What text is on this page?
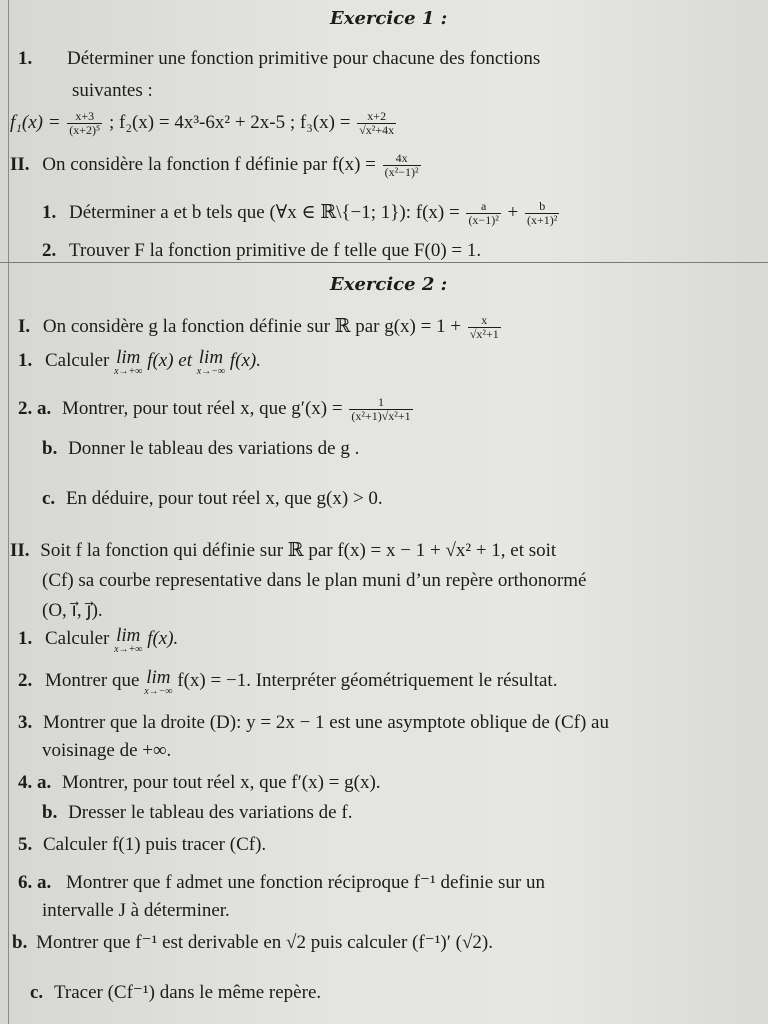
Exercice 1 :
1. Déterminer une fonction primitive pour chacune des fonctions
suivantes :
$f_1(x) = \frac{x+3}{\text{(x+2)⁵}}$ ; f₂(x) = 4x³-6x² + 2x-5 ; $f_3(x) = \frac{x+2}{\text{√x²+4x}}$
II. On considère la fonction f définie par $f(x) = \frac{4x}{\text{(x²−1)²}}$
1. Déterminer a et b tels que (∀x ∈ ℝ\{−1; 1}): $f(x) = \frac{a}{\text{(x−1)²}} + \frac{b}{\text{(x+1)²}}$
2. Trouver F la fonction primitive de f telle que F(0) = 1.
Exercice 2 :
I. On considère g la fonction définie sur ℝ par $g(x) = 1 + \frac{x}{\text{√x²+1}}$
1. Calculer lim
x→+∞
f(x) et lim
x→−∞
f(x).
2. a. Montrer, pour tout réel x, que $g'(x) = \frac{1}{\text{(x²+1)√x²+1}}$
b. Donner le tableau des variations de g .
c. En déduire, pour tout réel x, que g(x) > 0.
II. Soit f la fonction qui définie sur ℝ par f(x) = x − 1 + √x² + 1, et soit
(Cf) sa courbe representative dans le plan muni d’un repère orthonormé
(O, i⃗, j⃗).
1. Calculer lim
x→+∞
f(x).
2. Montrer que lim
x→−∞
f(x) = −1. Interpréter géométriquement le résultat.
3. Montrer que la droite (D): y = 2x − 1 est une asymptote oblique de (Cf) au
voisinage de +∞.
4. a. Montrer, pour tout réel x, que f′(x) = g(x).
b. Dresser le tableau des variations de f.
5. Calculer f(1) puis tracer (Cf).
6. a. Montrer que f admet une fonction réciproque f⁻¹ definie sur un
intervalle J à déterminer.
b. Montrer que f⁻¹ est derivable en √2 puis calculer (f⁻¹)′ (√2).
c. Tracer (Cf⁻¹) dans le même repère.
